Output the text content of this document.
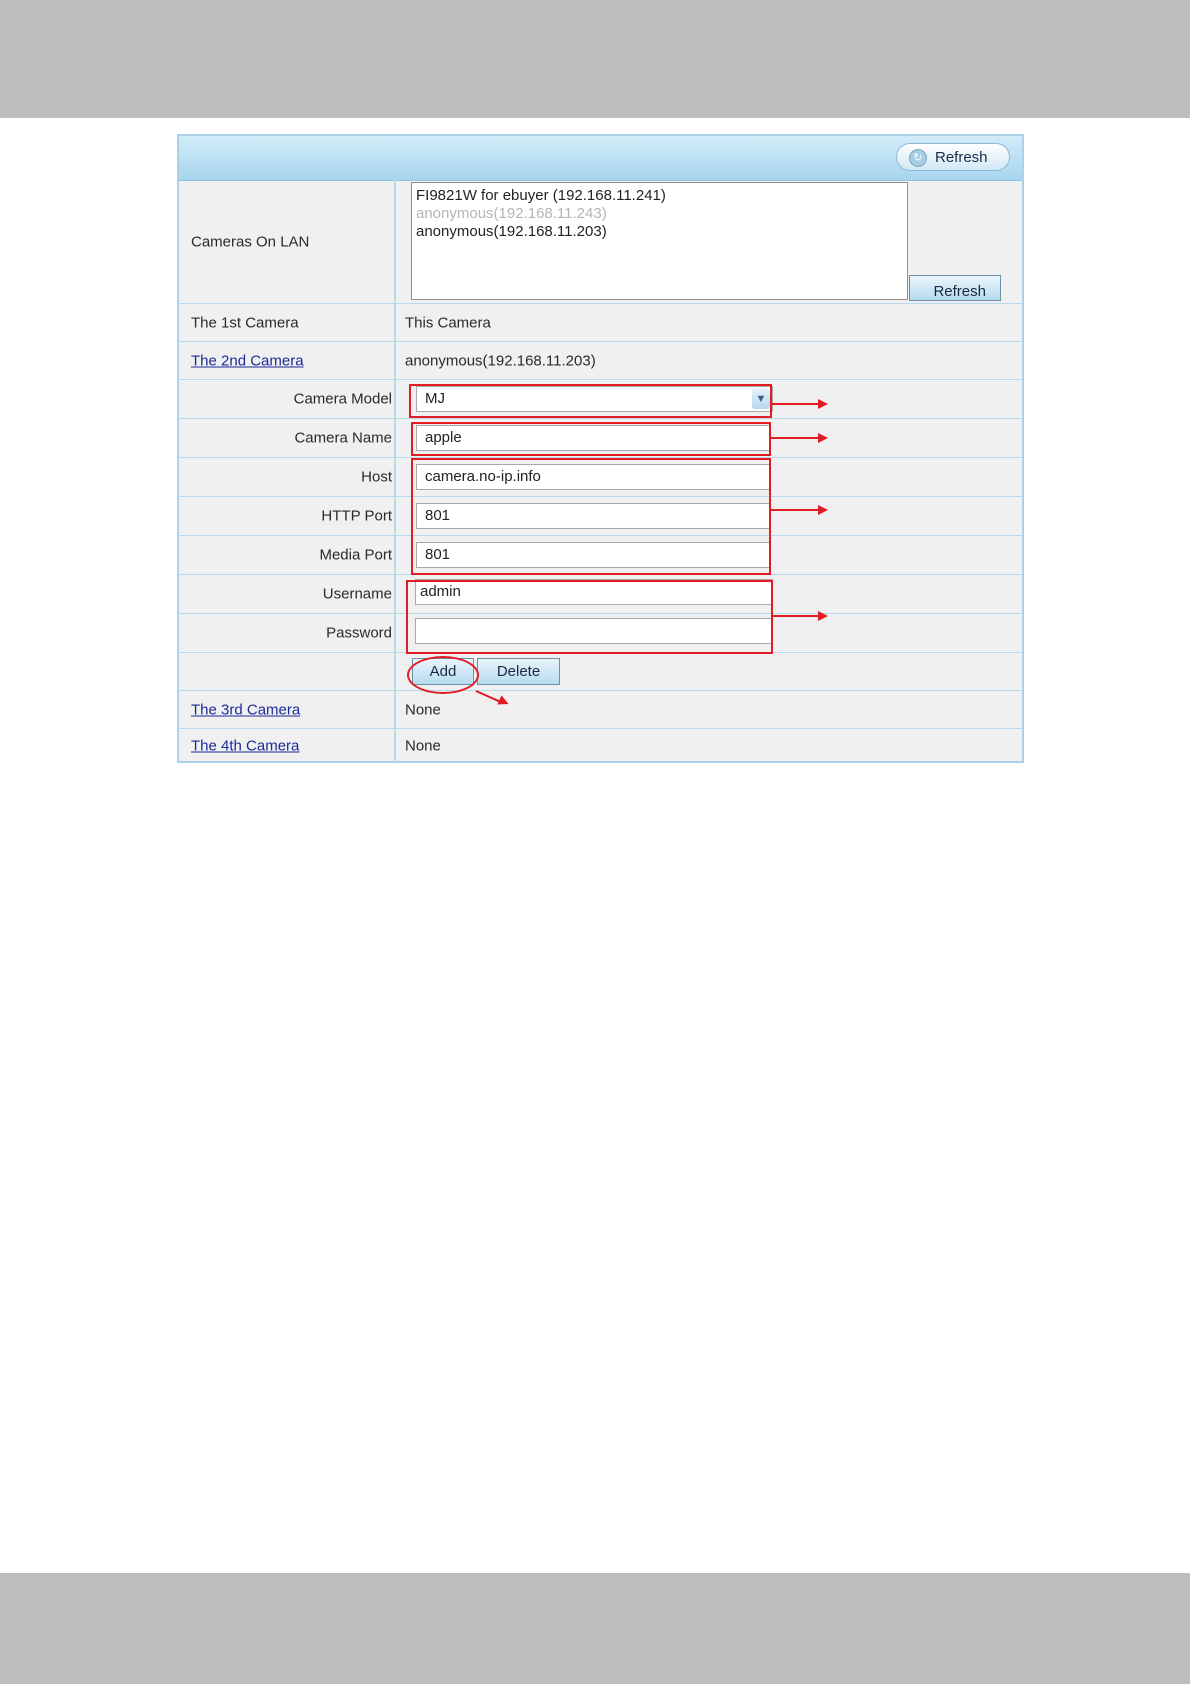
↻ Refresh
Cameras On LAN
FI9821W for ebuyer (192.168.11.241)
anonymous(192.168.11.243)
anonymous(192.168.11.203)
Refresh
The 1st Camera	This Camera
The 2nd Camera	anonymous(192.168.11.203)
Camera Model	MJ	▼
Camera Name	apple
Host	camera.no-ip.info
HTTP Port	801
Media Port	801
Username	admin
Password
Add	Delete
The 3rd Camera	None
The 4th Camera	None
